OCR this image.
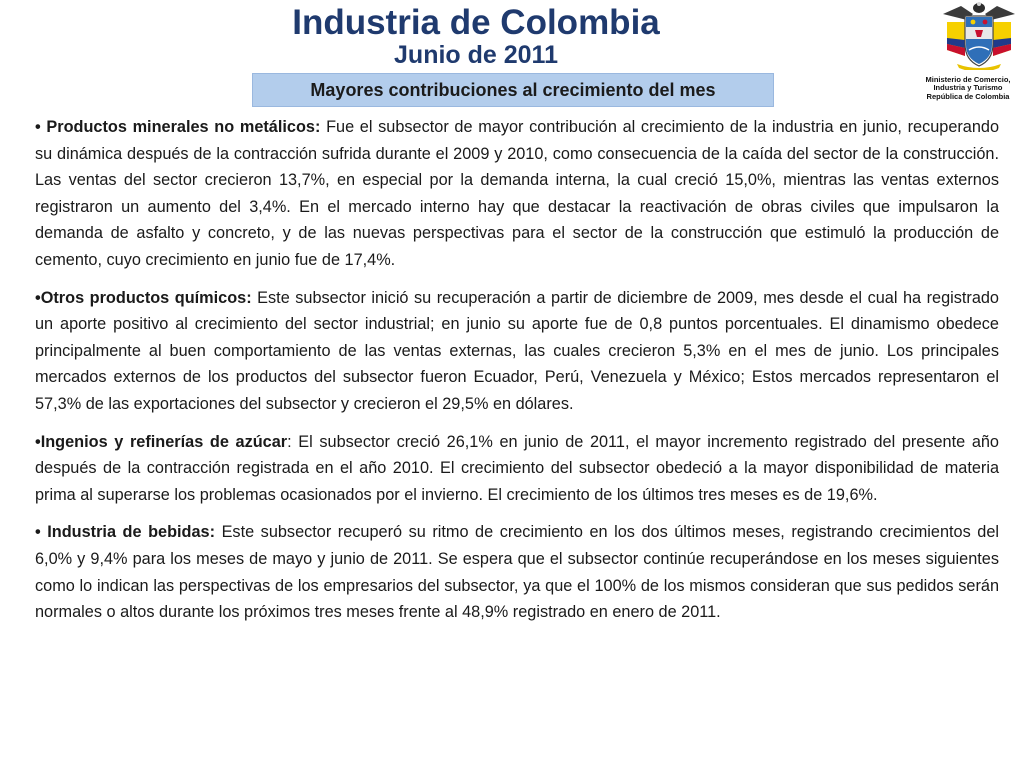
Industria de Colombia
Junio de 2011
Mayores contribuciones al crecimiento del mes
Ministerio de Comercio,
Industria y Turismo
República de Colombia

• Productos minerales no metálicos: Fue el subsector de mayor contribución al crecimiento de la industria en junio, recuperando su dinámica después de la contracción sufrida durante el 2009 y 2010, como consecuencia de la caída del sector de la construcción. Las ventas del sector crecieron 13,7%, en especial por la demanda interna, la cual creció 15,0%, mientras las ventas externos registraron un aumento del 3,4%. En el mercado interno hay que destacar la reactivación de obras civiles que impulsaron la demanda de asfalto y concreto, y de las nuevas perspectivas para el sector de la construcción que estimuló la producción de cemento, cuyo crecimiento en junio fue de 17,4%.

•Otros productos químicos: Este subsector inició su recuperación a partir de diciembre de 2009, mes desde el cual ha registrado un aporte positivo al crecimiento del sector industrial; en junio su aporte fue de 0,8 puntos porcentuales. El dinamismo obedece principalmente al buen comportamiento de las ventas externas, las cuales crecieron 5,3% en el mes de junio. Los principales mercados externos de los productos del subsector fueron Ecuador, Perú, Venezuela y México; Estos mercados representaron el 57,3% de las exportaciones del subsector y crecieron el 29,5% en dólares.

•Ingenios y refinerías de azúcar: El subsector creció 26,1% en junio de 2011, el mayor incremento registrado del presente año después de la contracción registrada en el año 2010. El crecimiento del subsector obedeció a la mayor disponibilidad de materia prima al superarse los problemas ocasionados por el invierno. El crecimiento de los últimos tres meses es de 19,6%.

• Industria de bebidas: Este subsector recuperó su ritmo de crecimiento en los dos últimos meses, registrando crecimientos del 6,0% y 9,4% para los meses de mayo y junio de 2011. Se espera que el subsector continúe recuperándose en los meses siguientes como lo indican las perspectivas de los empresarios del subsector, ya que el 100% de los mismos consideran que sus pedidos serán normales o altos durante los próximos tres meses frente al 48,9% registrado en enero de 2011.
